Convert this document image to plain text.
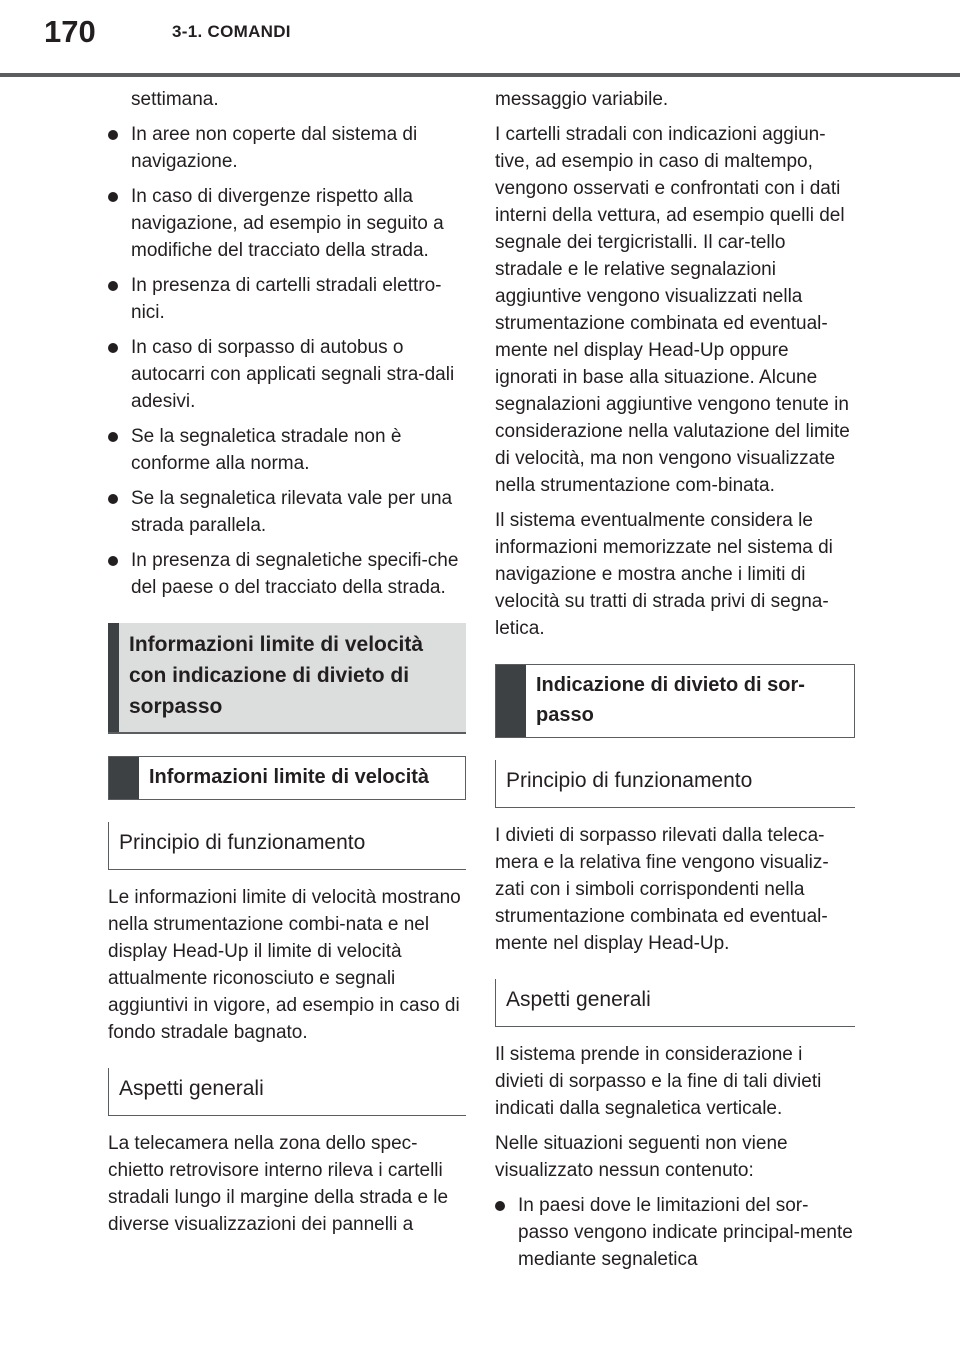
170	3-1. COMANDI

settimana.

In aree non coperte dal sistema di navigazione.
In caso di divergenze rispetto alla navigazione, ad esempio in seguito a modifiche del tracciato della strada.
In presenza di cartelli stradali elettro-nici.
In caso di sorpasso di autobus o autocarri con applicati segnali stra-dali adesivi.
Se la segnaletica stradale non è conforme alla norma.
Se la segnaletica rilevata vale per una strada parallela.
In presenza di segnaletiche specifi-che del paese o del tracciato della strada.
Informazioni limite di velocità con indicazione di divieto di sorpasso
Informazioni limite di velocità
Principio di funzionamento

Le informazioni limite di velocità mostrano nella strumentazione combi-nata e nel display Head-Up il limite di velocità attualmente riconosciuto e segnali aggiuntivi in vigore, ad esempio in caso di fondo stradale bagnato.

Aspetti generali

La telecamera nella zona dello spec-chietto retrovisore interno rileva i cartelli stradali lungo il margine della strada e le diverse visualizzazioni dei pannelli a

messaggio variabile.

I cartelli stradali con indicazioni aggiun-tive, ad esempio in caso di maltempo, vengono osservati e confrontati con i dati interni della vettura, ad esempio quelli del segnale dei tergicristalli. Il car-tello stradale e le relative segnalazioni aggiuntive vengono visualizzati nella strumentazione combinata ed eventual-mente nel display Head-Up oppure ignorati in base alla situazione. Alcune segnalazioni aggiuntive vengono tenute in considerazione nella valutazione del limite di velocità, ma non vengono visualizzate nella strumentazione com-binata.

Il sistema eventualmente considera le informazioni memorizzate nel sistema di navigazione e mostra anche i limiti di velocità su tratti di strada privi di segna-letica.

Indicazione di divieto di sor-passo
Principio di funzionamento

I divieti di sorpasso rilevati dalla teleca-mera e la relativa fine vengono visualiz-zati con i simboli corrispondenti nella strumentazione combinata ed eventual-mente nel display Head-Up.

Aspetti generali

Il sistema prende in considerazione i divieti di sorpasso e la fine di tali divieti indicati dalla segnaletica verticale.

Nelle situazioni seguenti non viene visualizzato nessun contenuto:

In paesi dove le limitazioni del sor-passo vengono indicate principal-mente mediante segnaletica
